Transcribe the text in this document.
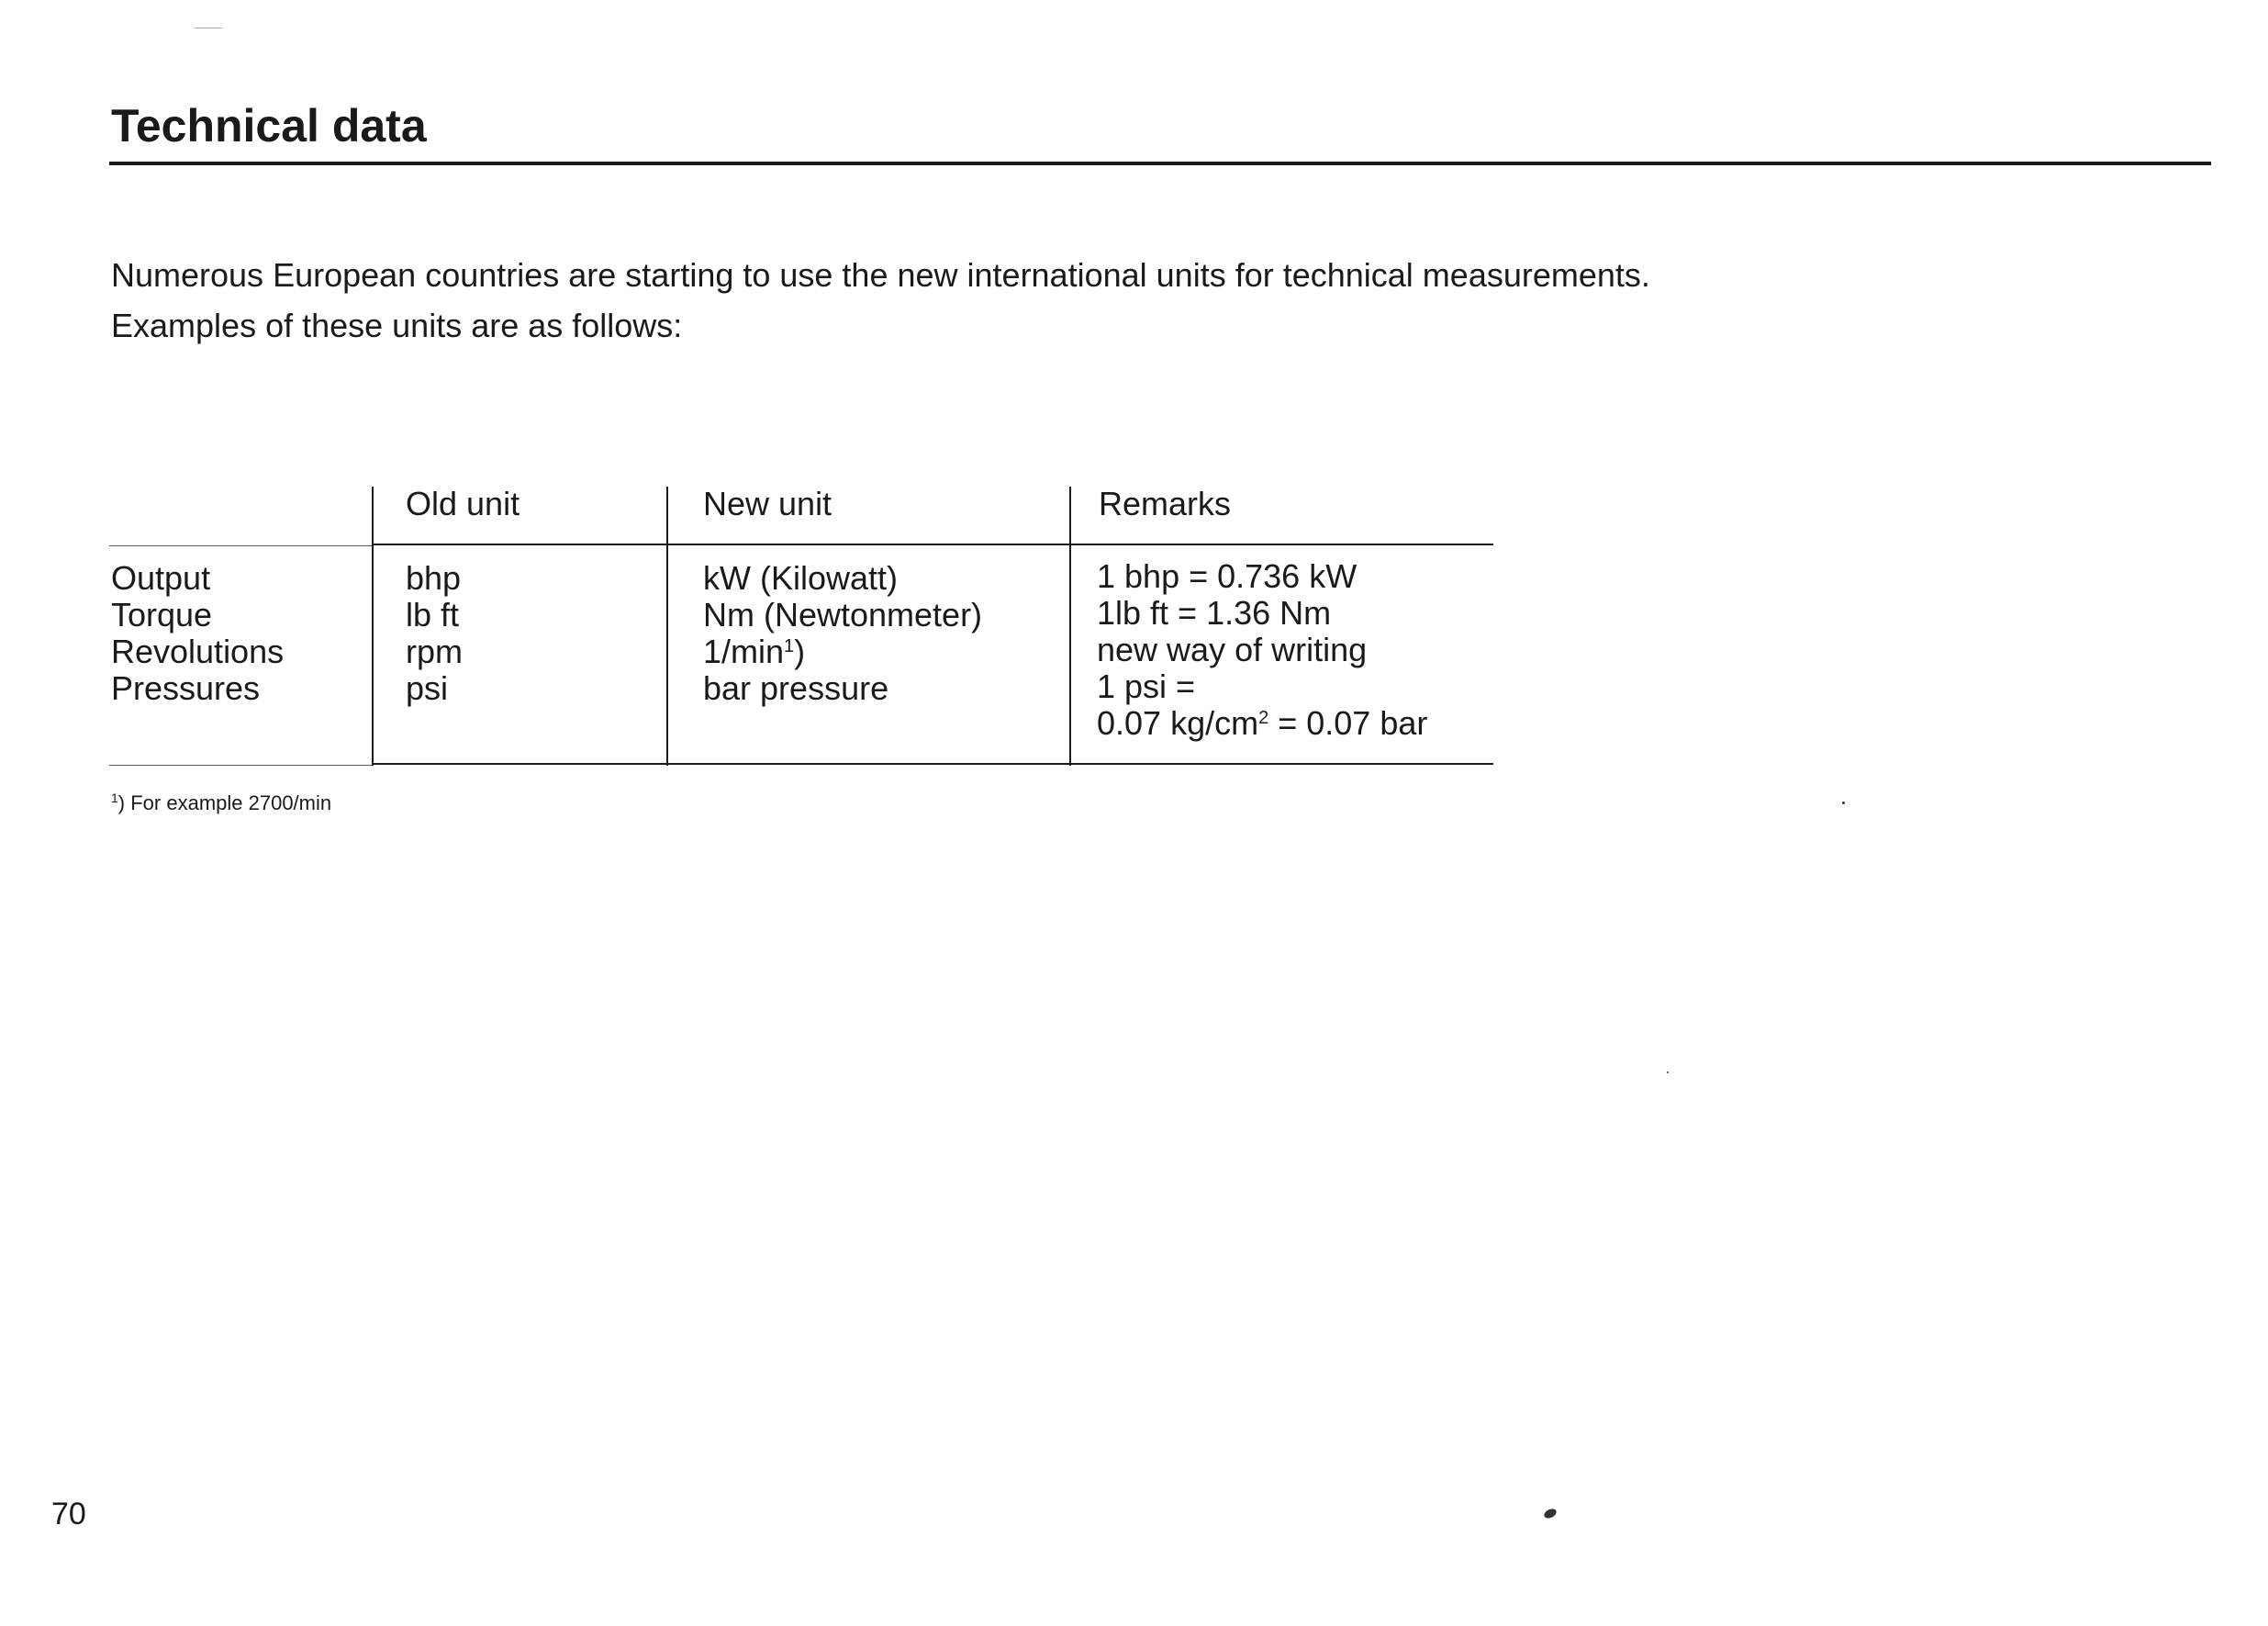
Technical data
Numerous European countries are starting to use the new international units for technical measurements.
Examples of these units are as follows:
Old unit	New unit	Remarks
Output
Torque
Revolutions
Pressures
bhp
lb ft
rpm
psi
kW (Kilowatt)
Nm (Newtonmeter)
$1/\min^1$)
bar pressure
1 bhp = 0.736 kW
1lb ft = 1.36 Nm
new way of writing
1 psi =
0.07 $kg/cm^2 = 0.07$ bar
$^1$) For example 2700/min
70
